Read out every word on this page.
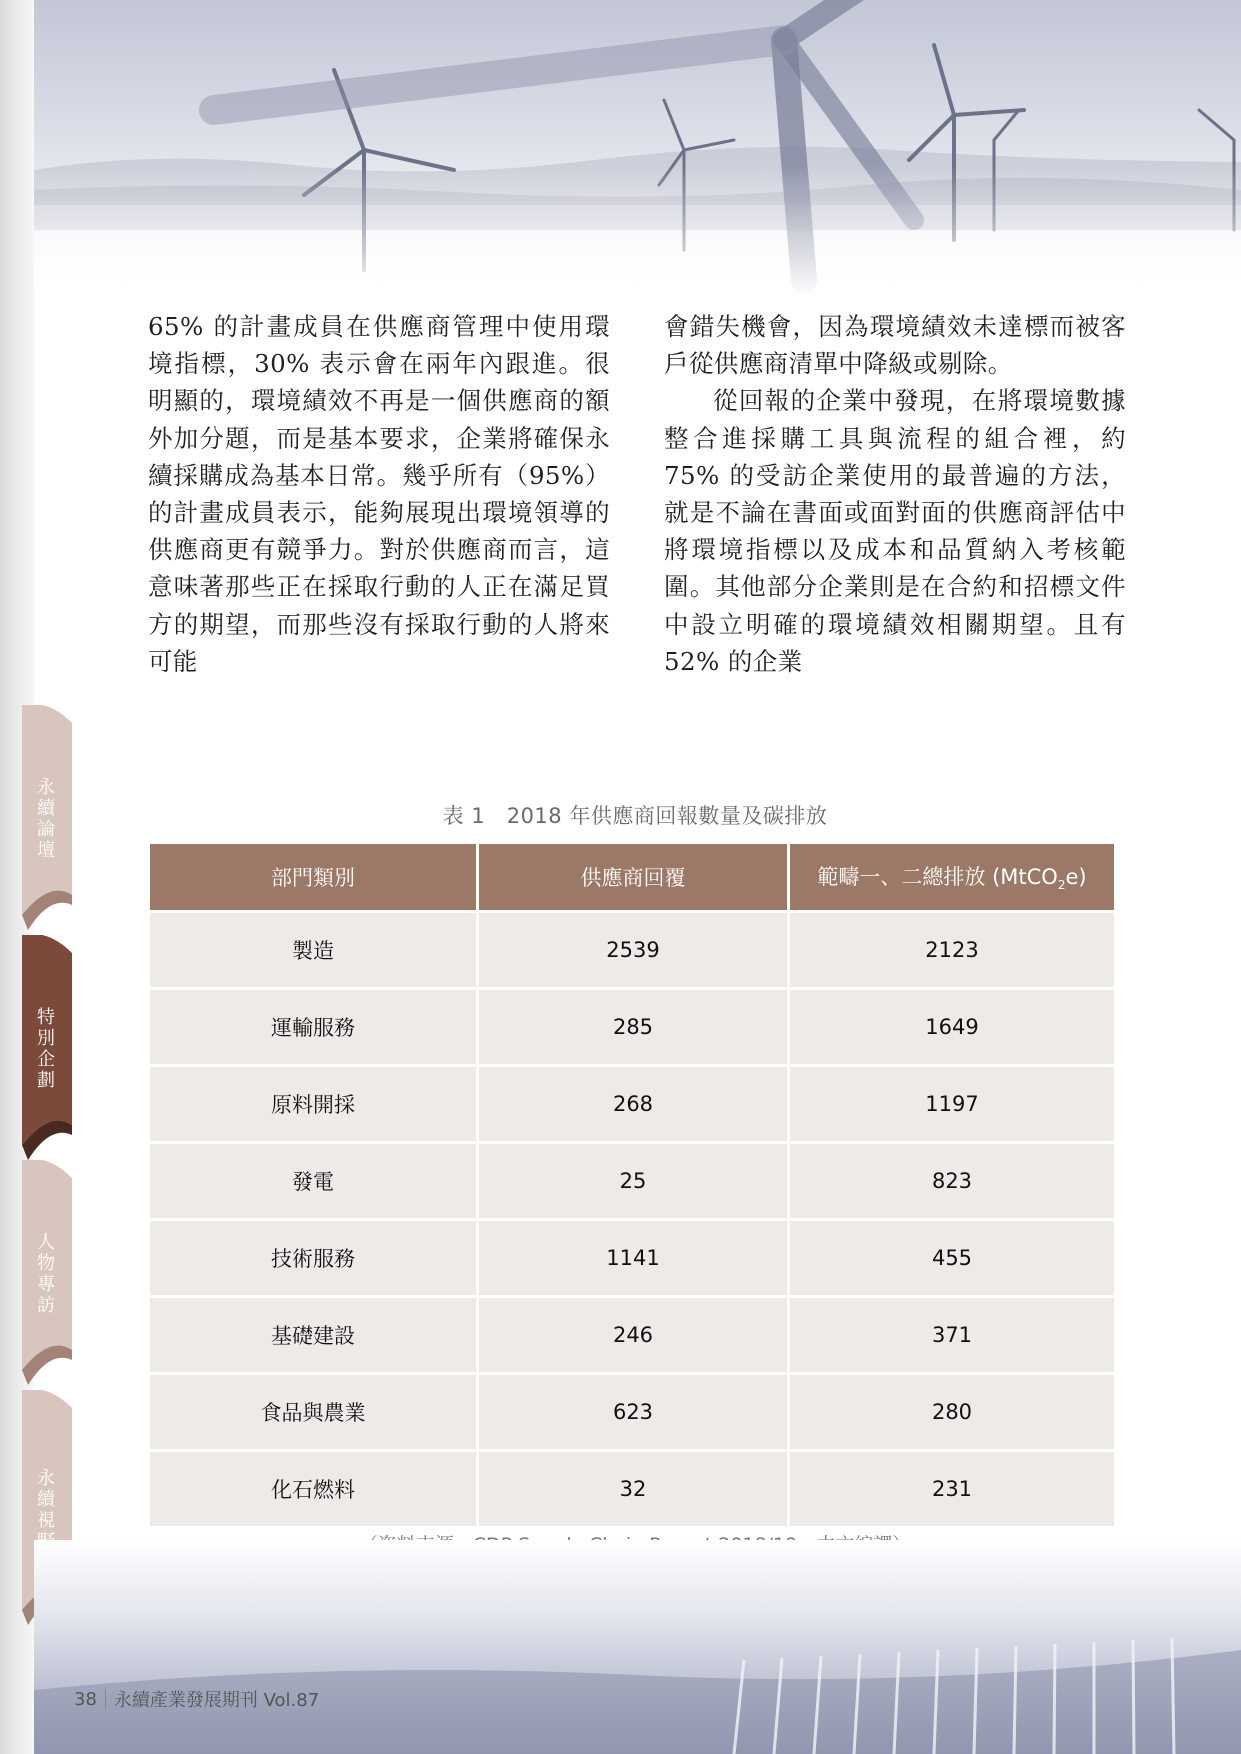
65% 的計畫成員在供應商管理中使用環境指標，30% 表示會在兩年內跟進。很明顯的，環境績效不再是一個供應商的額外加分題，而是基本要求，企業將確保永續採購成為基本日常。幾乎所有（95%）的計畫成員表示，能夠展現出環境領導的供應商更有競爭力。對於供應商而言，這意味著那些正在採取行動的人正在滿足買方的期望，而那些沒有採取行動的人將來可能
會錯失機會，因為環境績效未達標而被客戶從供應商清單中降級或剔除。
從回報的企業中發現，在將環境數據整合進採購工具與流程的組合裡，約 75% 的受訪企業使用的最普遍的方法，就是不論在書面或面對面的供應商評估中將環境指標以及成本和品質納入考核範圍。其他部分企業則是在合約和招標文件中設立明確的環境績效相關期望。且有 52% 的企業
永
續
論
壇
特
別
企
劃
人
物
專
訪
永
續
視
表 1　2018 年供應商回報數量及碳排放
部門類別	供應商回覆	範疇一、二總排放 (MtCO$_2$e)
製造	2539	2123
運輸服務	285	1649
原料開採	268	1197
發電	25	823
技術服務	1141	455
基礎建設	246	371
食品與農業	623	280
化石燃料	32	231
38 永續產業發展期刊 Vol.87
